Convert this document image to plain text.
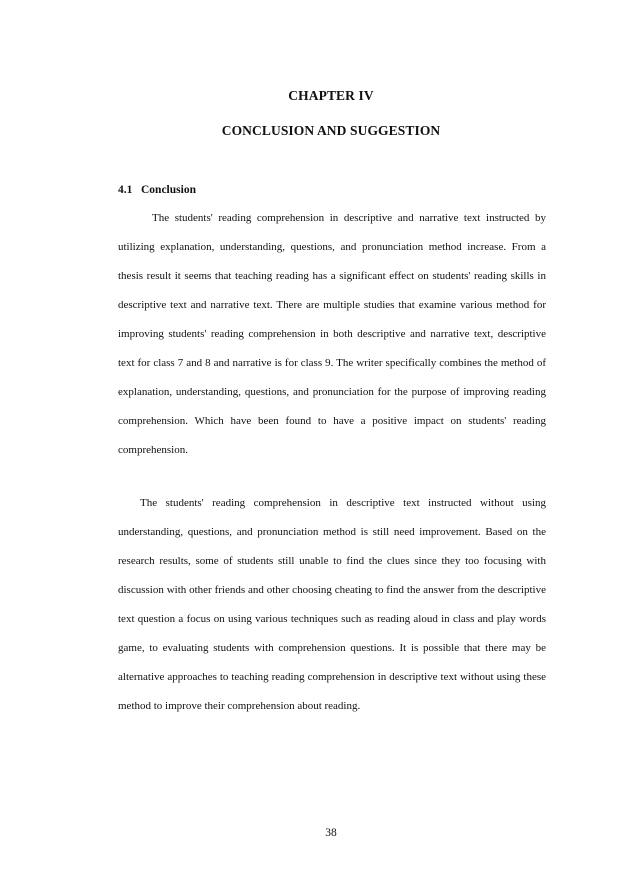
CHAPTER IV
CONCLUSION AND SUGGESTION
4.1   Conclusion

The students' reading comprehension in descriptive and narrative text instructed by utilizing explanation, understanding, questions, and pronunciation method increase. From a thesis result it seems that teaching reading has a significant effect on students' reading skills in descriptive text and narrative text. There are multiple studies that examine various method for improving students' reading comprehension in both descriptive and narrative text, descriptive text for class 7 and 8 and narrative is for class 9. The writer specifically combines the method of explanation, understanding, questions, and pronunciation for the purpose of improving reading comprehension. Which have been found to have a positive impact on students' reading comprehension.

The students' reading comprehension in descriptive text instructed without using understanding, questions, and pronunciation method is still need improvement. Based on the research results, some of students still unable to find the clues since they too focusing with discussion with other friends and other choosing cheating to find the answer from the descriptive text question a focus on using various techniques such as reading aloud in class and play words game, to evaluating students with comprehension questions. It is possible that there may be alternative approaches to teaching reading comprehension in descriptive text without using these method to improve their comprehension about reading.

38
